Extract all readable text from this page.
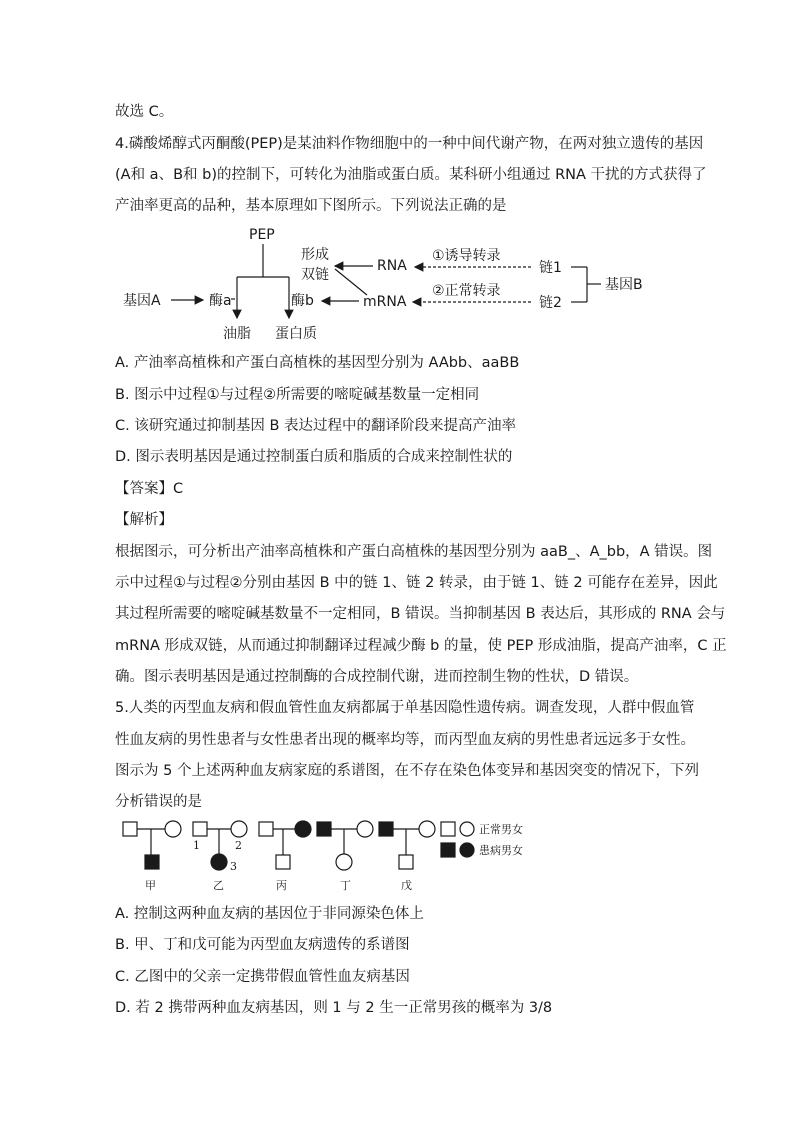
故选 C。
4.磷酸烯醇式丙酮酸(PEP)是某油料作物细胞中的一种中间代谢产物，在两对独立遗传的基因
(A和 a、B和 b)的控制下，可转化为油脂或蛋白质。某科研小组通过 RNA 干扰的方式获得了
产油率更高的品种，基本原理如下图所示。下列说法正确的是
PEP
基因A	酶a	酶b
油脂 蛋白质
形成
双链
RNA
mRNA
①诱导转录
②正常转录
链1
链2
基因B
A. 产油率高植株和产蛋白高植株的基因型分别为 AAbb、aaBB
B. 图示中过程①与过程②所需要的嘧啶碱基数量一定相同
C. 该研究通过抑制基因 B 表达过程中的翻译阶段来提高产油率
D. 图示表明基因是通过控制蛋白质和脂质的合成来控制性状的
【答案】C
【解析】
根据图示，可分析出产油率高植株和产蛋白高植株的基因型分别为 aaB_、A_bb，A 错误。图
示中过程①与过程②分别由基因 B 中的链 1、链 2 转录，由于链 1、链 2 可能存在差异，因此
其过程所需要的嘧啶碱基数量不一定相同，B 错误。当抑制基因 B 表达后，其形成的 RNA 会与
mRNA 形成双链，从而通过抑制翻译过程减少酶 b 的量，使 PEP 形成油脂，提高产油率，C 正
确。图示表明基因是通过控制酶的合成控制代谢，进而控制生物的性状，D 错误。
5.人类的丙型血友病和假血管性血友病都属于单基因隐性遗传病。调查发现，人群中假血管
性血友病的男性患者与女性患者出现的概率均等，而丙型血友病的男性患者远远多于女性。
图示为 5 个上述两种血友病家庭的系谱图，在不存在染色体变异和基因突变的情况下，下列
分析错误的是
1	2
3
正常男女
患病男女
甲	乙	丙	丁	戊
A. 控制这两种血友病的基因位于非同源染色体上
B. 甲、丁和戊可能为丙型血友病遗传的系谱图
C. 乙图中的父亲一定携带假血管性血友病基因
D. 若 2 携带两种血友病基因，则 1 与 2 生一正常男孩的概率为 3/8
